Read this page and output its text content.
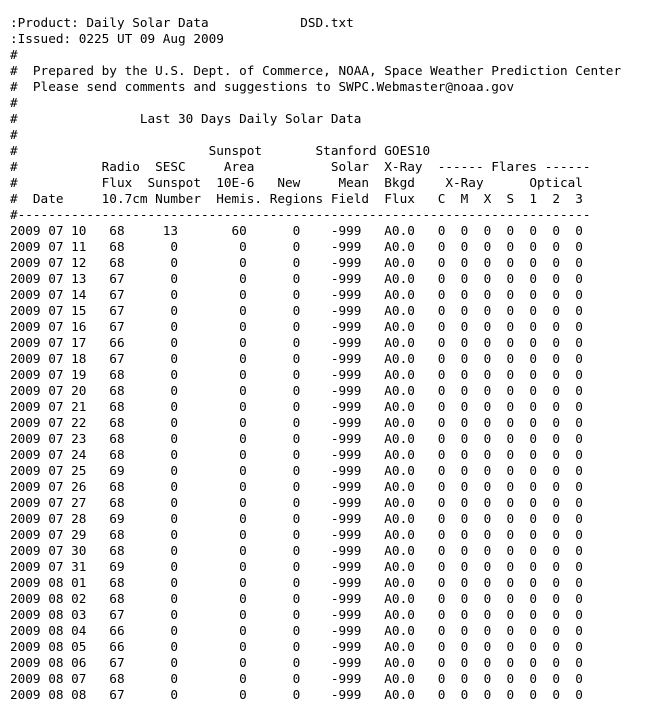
:Product: Daily Solar Data            DSD.txt
:Issued: 0225 UT 09 Aug 2009
#
#  Prepared by the U.S. Dept. of Commerce, NOAA, Space Weather Prediction Center
#  Please send comments and suggestions to SWPC.Webmaster@noaa.gov
#
#                Last 30 Days Daily Solar Data
#
#                         Sunspot       Stanford GOES10
#           Radio  SESC     Area          Solar  X-Ray  ------ Flares ------
#           Flux  Sunspot  10E-6   New     Mean  Bkgd    X-Ray      Optical
#  Date     10.7cm Number  Hemis. Regions Field  Flux   C  M  X  S  1  2  3
#---------------------------------------------------------------------------
2009 07 10   68     13       60      0    -999   A0.0   0  0  0  0  0  0  0
2009 07 11   68      0        0      0    -999   A0.0   0  0  0  0  0  0  0
2009 07 12   68      0        0      0    -999   A0.0   0  0  0  0  0  0  0
2009 07 13   67      0        0      0    -999   A0.0   0  0  0  0  0  0  0
2009 07 14   67      0        0      0    -999   A0.0   0  0  0  0  0  0  0
2009 07 15   67      0        0      0    -999   A0.0   0  0  0  0  0  0  0
2009 07 16   67      0        0      0    -999   A0.0   0  0  0  0  0  0  0
2009 07 17   66      0        0      0    -999   A0.0   0  0  0  0  0  0  0
2009 07 18   67      0        0      0    -999   A0.0   0  0  0  0  0  0  0
2009 07 19   68      0        0      0    -999   A0.0   0  0  0  0  0  0  0
2009 07 20   68      0        0      0    -999   A0.0   0  0  0  0  0  0  0
2009 07 21   68      0        0      0    -999   A0.0   0  0  0  0  0  0  0
2009 07 22   68      0        0      0    -999   A0.0   0  0  0  0  0  0  0
2009 07 23   68      0        0      0    -999   A0.0   0  0  0  0  0  0  0
2009 07 24   68      0        0      0    -999   A0.0   0  0  0  0  0  0  0
2009 07 25   69      0        0      0    -999   A0.0   0  0  0  0  0  0  0
2009 07 26   68      0        0      0    -999   A0.0   0  0  0  0  0  0  0
2009 07 27   68      0        0      0    -999   A0.0   0  0  0  0  0  0  0
2009 07 28   69      0        0      0    -999   A0.0   0  0  0  0  0  0  0
2009 07 29   68      0        0      0    -999   A0.0   0  0  0  0  0  0  0
2009 07 30   68      0        0      0    -999   A0.0   0  0  0  0  0  0  0
2009 07 31   69      0        0      0    -999   A0.0   0  0  0  0  0  0  0
2009 08 01   68      0        0      0    -999   A0.0   0  0  0  0  0  0  0
2009 08 02   68      0        0      0    -999   A0.0   0  0  0  0  0  0  0
2009 08 03   67      0        0      0    -999   A0.0   0  0  0  0  0  0  0
2009 08 04   66      0        0      0    -999   A0.0   0  0  0  0  0  0  0
2009 08 05   66      0        0      0    -999   A0.0   0  0  0  0  0  0  0
2009 08 06   67      0        0      0    -999   A0.0   0  0  0  0  0  0  0
2009 08 07   68      0        0      0    -999   A0.0   0  0  0  0  0  0  0
2009 08 08   67      0        0      0    -999   A0.0   0  0  0  0  0  0  0
